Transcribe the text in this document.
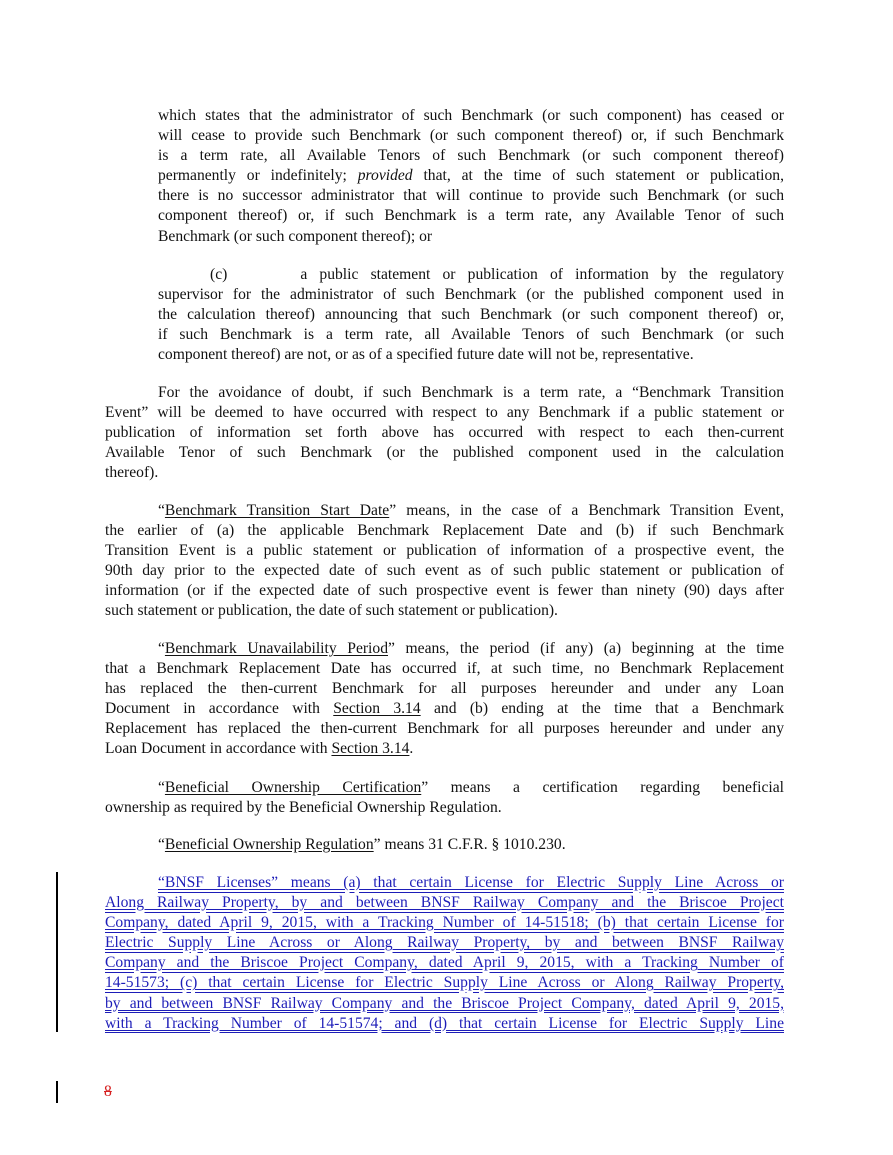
which states that the administrator of such Benchmark (or such component) has ceased or
will cease to provide such Benchmark (or such component thereof) or, if such Benchmark
is a term rate, all Available Tenors of such Benchmark (or such component thereof)
permanently or indefinitely; provided that, at the time of such statement or publication,
there is no successor administrator that will continue to provide such Benchmark (or such
component thereof) or, if such Benchmark is a term rate, any Available Tenor of such
Benchmark (or such component thereof); or
(c)      a public statement or publication of information by the regulatory
supervisor for the administrator of such Benchmark (or the published component used in
the calculation thereof) announcing that such Benchmark (or such component thereof) or,
if such Benchmark is a term rate, all Available Tenors of such Benchmark (or such
component thereof) are not, or as of a specified future date will not be, representative.
For the avoidance of doubt, if such Benchmark is a term rate, a “Benchmark Transition
Event” will be deemed to have occurred with respect to any Benchmark if a public statement or
publication of information set forth above has occurred with respect to each then-current
Available Tenor of such Benchmark (or the published component used in the calculation
thereof).
“Benchmark Transition Start Date” means, in the case of a Benchmark Transition Event,
the earlier of (a) the applicable Benchmark Replacement Date and (b) if such Benchmark
Transition Event is a public statement or publication of information of a prospective event, the
90th day prior to the expected date of such event as of such public statement or publication of
information (or if the expected date of such prospective event is fewer than ninety (90) days after
such statement or publication, the date of such statement or publication).
“Benchmark Unavailability Period” means, the period (if any) (a) beginning at the time
that a Benchmark Replacement Date has occurred if, at such time, no Benchmark Replacement
has replaced the then-current Benchmark for all purposes hereunder and under any Loan
Document in accordance with Section 3.14 and (b) ending at the time that a Benchmark
Replacement has replaced the then-current Benchmark for all purposes hereunder and under any
Loan Document in accordance with Section 3.14.
“Beneficial Ownership Certification” means a certification regarding beneficial
ownership as required by the Beneficial Ownership Regulation.
“Beneficial Ownership Regulation” means 31 C.F.R. § 1010.230.
“BNSF Licenses” means (a) that certain License for Electric Supply Line Across or
Along Railway Property, by and between BNSF Railway Company and the Briscoe Project
Company, dated April 9, 2015, with a Tracking Number of 14-51518; (b) that certain License for
Electric Supply Line Across or Along Railway Property, by and between BNSF Railway
Company and the Briscoe Project Company, dated April 9, 2015, with a Tracking Number of
14-51573; (c) that certain License for Electric Supply Line Across or Along Railway Property,
by and between BNSF Railway Company and the Briscoe Project Company, dated April 9, 2015,
with a Tracking Number of 14-51574; and (d) that certain License for Electric Supply Line
8
